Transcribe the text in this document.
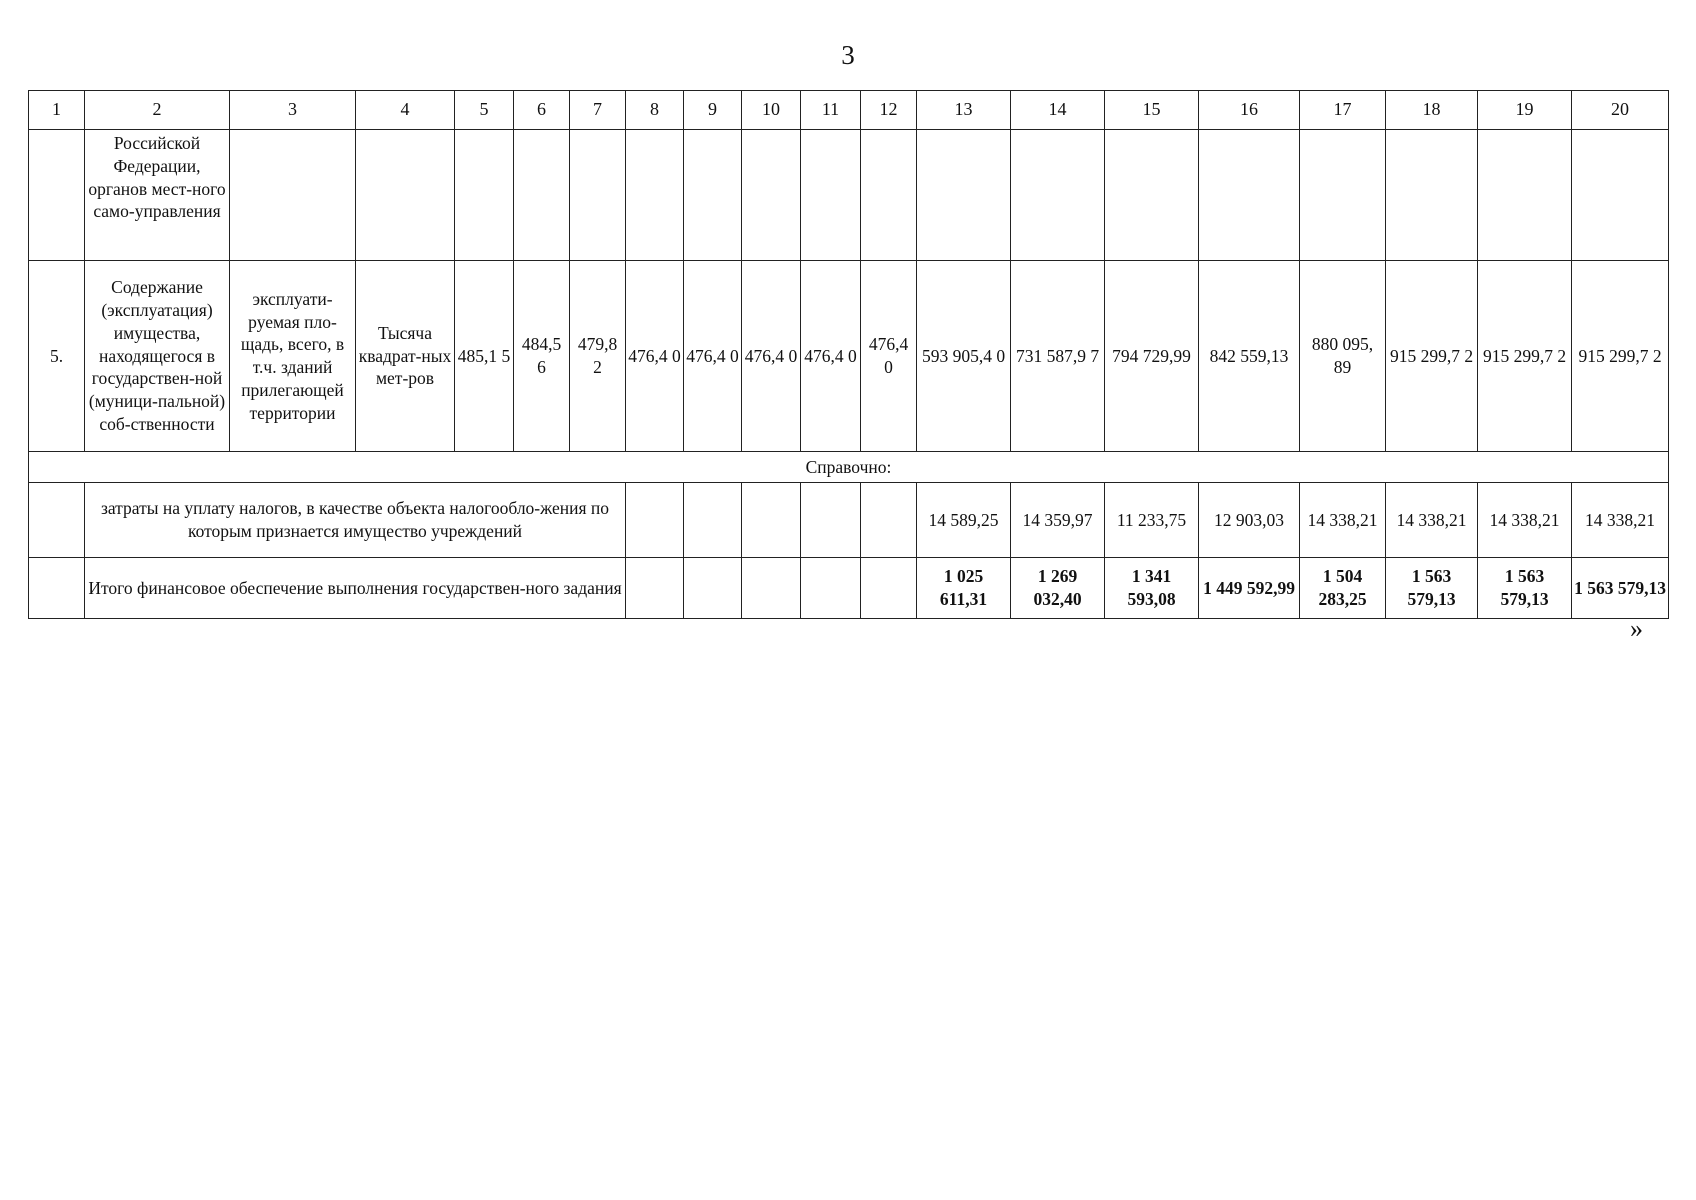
3
1	2	3	4	5	6	7	8	9	10	11	12	13	14	15	16	17	18	19	20
	Российской Федерации, органов мест-ного само-управления																		
5.	Содержание (эксплуатация) имущества, находящегося в государствен-ной (муници-пальной) соб-ственности	эксплуати-руемая пло-щадь, всего, в т.ч. зданий прилегающей территории	Тысяча квадрат-ных мет-ров	485,1 5	484,5 6	479,8 2	476,4 0	476,4 0	476,4 0	476,4 0	476,4 0	593 905,4 0	731 587,9 7	794 729,99	842 559,13	880 095, 89	915 299,7 2	915 299,7 2	915 299,7 2
Справочно:																			
	затраты на уплату налогов, в качестве объекта налогообло-жения по которым признается имущество учреждений											14 589,25	14 359,97	11 233,75	12 903,03	14 338,21	14 338,21	14 338,21	14 338,21
	Итого финансовое обеспечение выполнения государствен-ного задания											1 025 611,31	1 269 032,40	1 341 593,08	1 449 592,99	1 504 283,25	1 563 579,13	1 563 579,13	1 563 579,13
»
